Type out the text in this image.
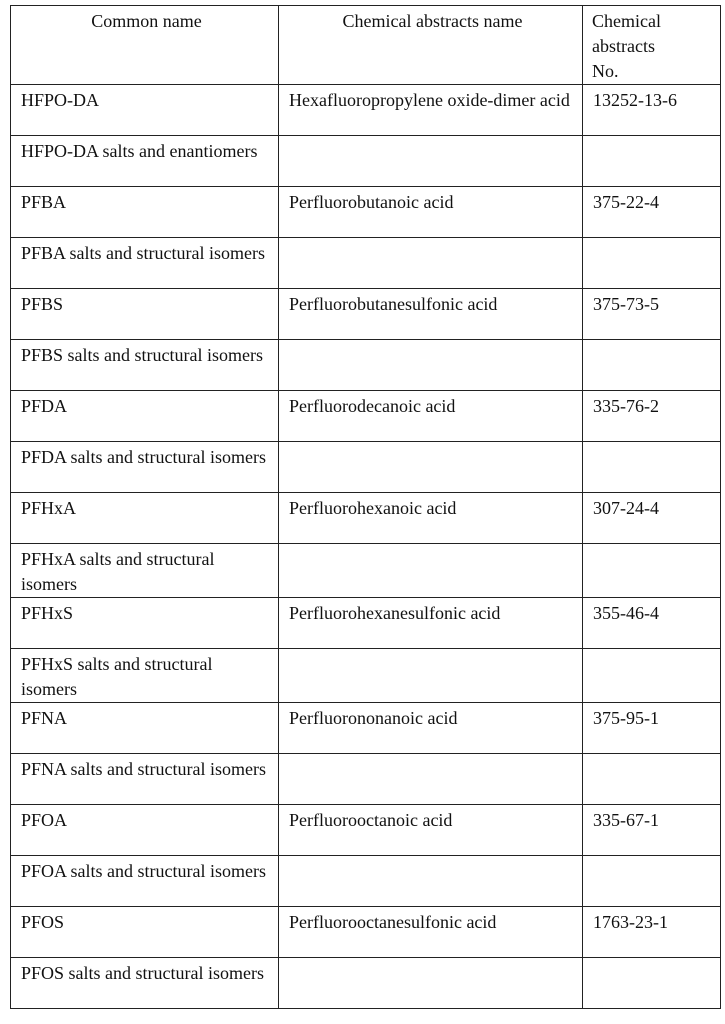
Common name	Chemical abstracts name	Chemical
abstracts
No.
HFPO-DA	Hexafluoropropylene oxide-dimer acid	13252-13-6
HFPO-DA salts and enantiomers		
PFBA	Perfluorobutanoic acid	375-22-4
PFBA salts and structural isomers		
PFBS	Perfluorobutanesulfonic acid	375-73-5
PFBS salts and structural isomers		
PFDA	Perfluorodecanoic acid	335-76-2
PFDA salts and structural isomers		
PFHxA	Perfluorohexanoic acid	307-24-4
PFHxA salts and structural isomers		
PFHxS	Perfluorohexanesulfonic acid	355-46-4
PFHxS salts and structural isomers		
PFNA	Perfluorononanoic acid	375-95-1
PFNA salts and structural isomers		
PFOA	Perfluorooctanoic acid	335-67-1
PFOA salts and structural isomers		
PFOS	Perfluorooctanesulfonic acid	1763-23-1
PFOS salts and structural isomers		
